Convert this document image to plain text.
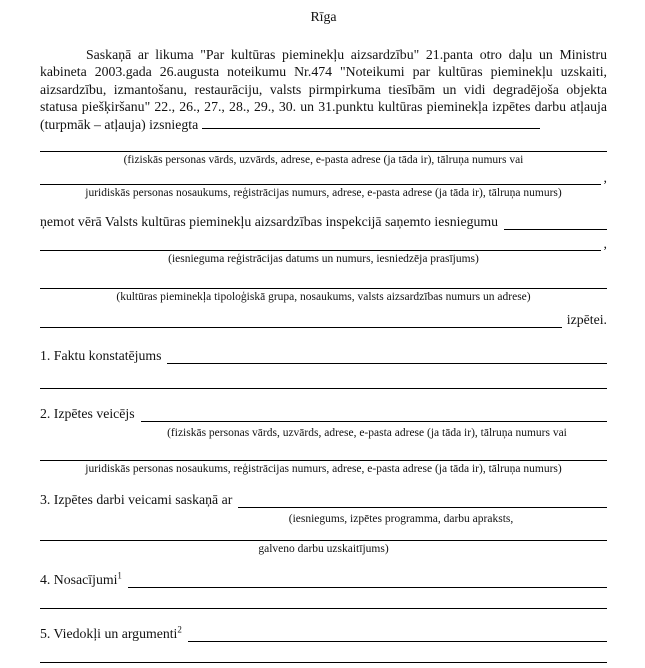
Rīga

Saskaņā ar likuma "Par kultūras pieminekļu aizsardzību" 21.panta otro daļu un Ministru kabineta 2003.gada 26.augusta noteikumu Nr.474 "Noteikumi par kultūras pieminekļu uzskaiti, aizsardzību, izmantošanu, restaurāciju, valsts pirmpirkuma tiesībām un vidi degradējoša objekta statusa piešķiršanu" 22., 26., 27., 28., 29., 30. un 31.punktu kultūras pieminekļa izpētes darbu atļauja (turpmāk – atļauja) izsniegta

(fiziskās personas vārds, uzvārds, adrese, e-pasta adrese (ja tāda ir), tālruņa numurs vai
,
juridiskās personas nosaukums, reģistrācijas numurs, adrese, e-pasta adrese (ja tāda ir), tālruņa numurs)
ņemot vērā Valsts kultūras pieminekļu aizsardzības inspekcijā saņemto iesniegumu
,
(iesnieguma reģistrācijas datums un numurs, iesniedzēja prasījums)
(kultūras pieminekļa tipoloģiskā grupa, nosaukums, valsts aizsardzības numurs un adrese)
izpētei.
1. Faktu konstatējums
2. Izpētes veicējs
(fiziskās personas vārds, uzvārds, adrese, e-pasta adrese (ja tāda ir), tālruņa numurs vai
juridiskās personas nosaukums, reģistrācijas numurs, adrese, e-pasta adrese (ja tāda ir), tālruņa numurs)
3. Izpētes darbi veicami saskaņā ar
(iesniegums, izpētes programma, darbu apraksts,
galveno darbu uzskaitījums)
4. Nosacījumi$^1$
5. Viedokļi un argumenti$^2$
